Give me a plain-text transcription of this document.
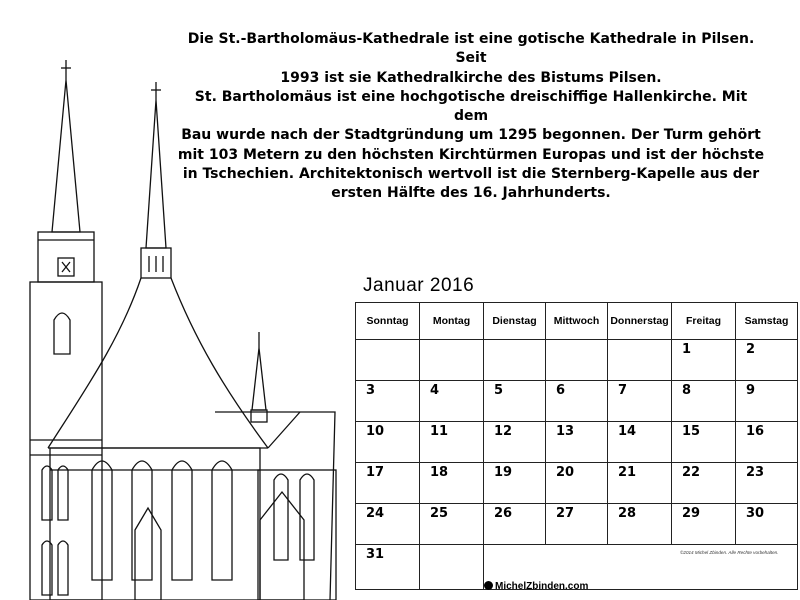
Die St.-Bartholomäus-Kathedrale ist eine gotische Kathedrale in Pilsen. Seit
1993 ist sie Kathedralkirche des Bistums Pilsen.
St. Bartholomäus ist eine hochgotische dreischiffige Hallenkirche. Mit dem
Bau wurde nach der Stadtgründung um 1295 begonnen. Der Turm gehört
mit 103 Metern zu den höchsten Kirchtürmen Europas und ist der höchste
in Tschechien. Architektonisch wertvoll ist die Sternberg-Kapelle aus der
ersten Hälfte des 16. Jahrhunderts.
Januar 2016
Sonntag	Montag	Dienstag	Mittwoch	Donnerstag	Freitag	Samstag

					1	2

3	4	5	6	7	8	9

10	11	12	13	14	15	16

17	18	19	20	21	22	23

24	25	26	27	28	29	30

31						

		©2014 Michel Zbinden. Alle Rechte vorbehalten.
MichelZbinden.com
